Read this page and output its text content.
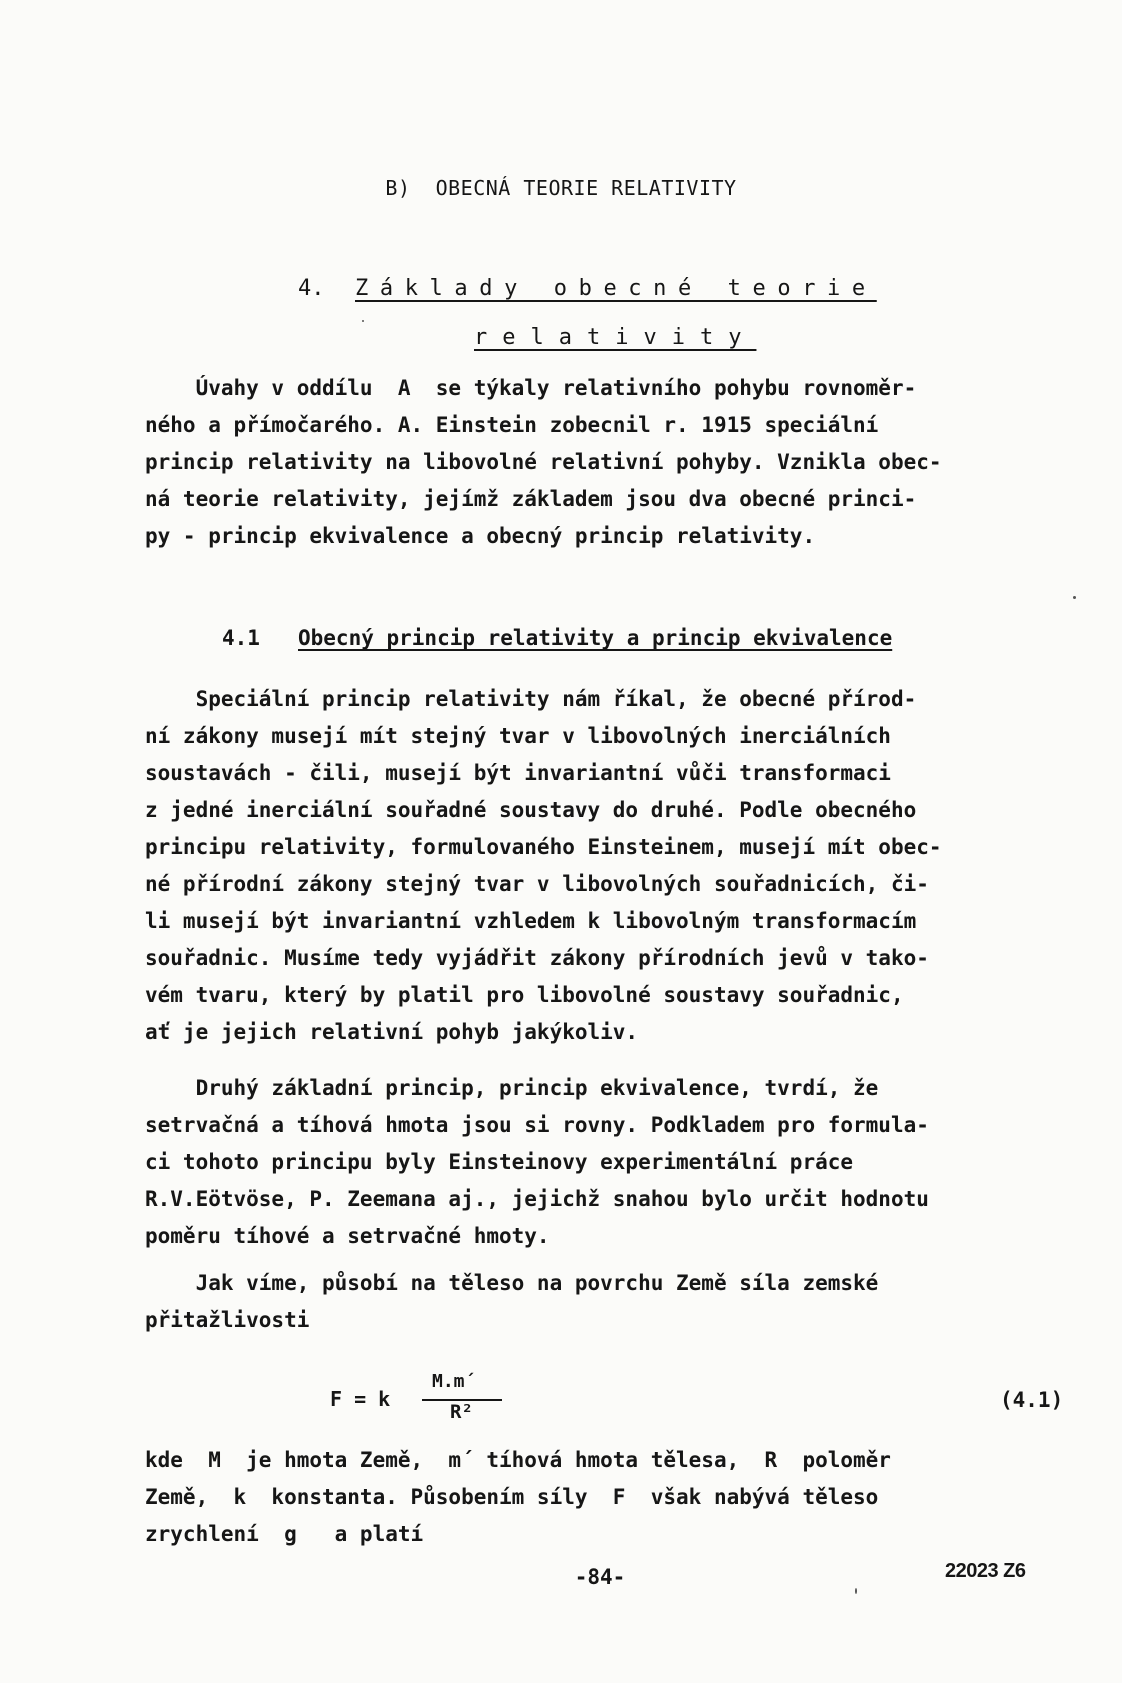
B)  OBECNÁ TEORIE RELATIVITY
4. Základy obecné teorie
relativity
Úvahy v oddílu  A  se týkaly relativního pohybu rovnoměr-
ného a přímočarého. A. Einstein zobecnil r. 1915 speciální
princip relativity na libovolné relativní pohyby. Vznikla obec-
ná teorie relativity, jejímž základem jsou dva obecné princi-
py - princip ekvivalence a obecný princip relativity.
4.1 Obecný princip relativity a princip ekvivalence
Speciální princip relativity nám říkal, že obecné přírod-
ní zákony musejí mít stejný tvar v libovolných inerciálních
soustavách - čili, musejí být invariantní vůči transformaci
z jedné inerciální souřadné soustavy do druhé. Podle obecného
principu relativity, formulovaného Einsteinem, musejí mít obec-
né přírodní zákony stejný tvar v libovolných souřadnicích, či-
li musejí být invariantní vzhledem k libovolným transformacím
souřadnic. Musíme tedy vyjádřit zákony přírodních jevů v tako-
vém tvaru, který by platil pro libovolné soustavy souřadnic,
ať je jejich relativní pohyb jakýkoliv.
Druhý základní princip, princip ekvivalence, tvrdí, že
setrvačná a tíhová hmota jsou si rovny. Podkladem pro formula-
ci tohoto principu byly Einsteinovy experimentální práce
R.V.Eötvöse, P. Zeemana aj., jejichž snahou bylo určit hodnotu
poměru tíhové a setrvačné hmoty.
Jak víme, působí na těleso na povrchu Země síla zemské
přitažlivosti
F = k
M.m´
R²	(4.1)
kde  M  je hmota Země,  m´ tíhová hmota tělesa,  R  poloměr
Země,  k  konstanta. Působením síly  F  však nabývá těleso
zrychlení  g   a platí
-84-	22023 Z6
